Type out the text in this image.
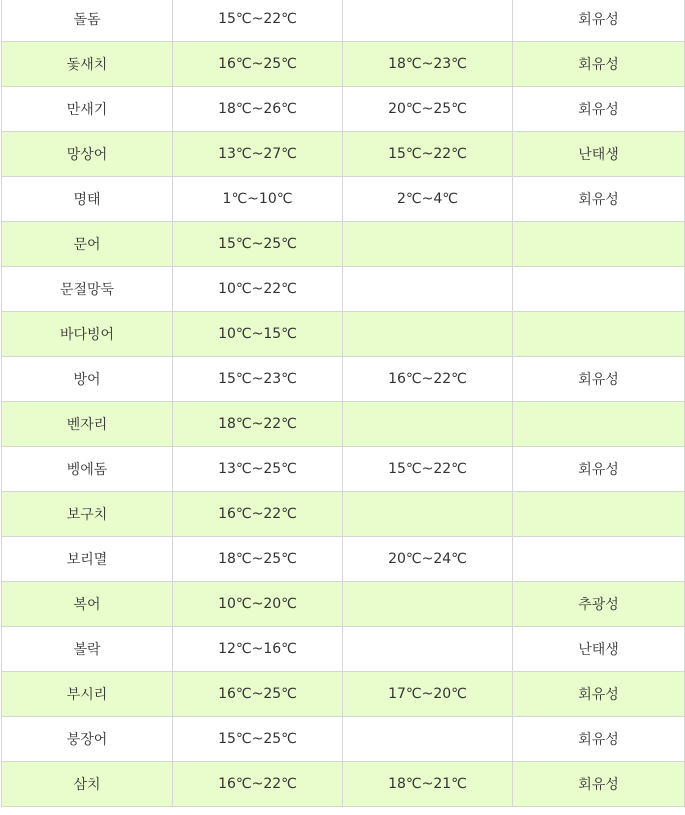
돌돔	15℃~22℃		회유성
돛새치	16℃~25℃	18℃~23℃	회유성
만새기	18℃~26℃	20℃~25℃	회유성
망상어	13℃~27℃	15℃~22℃	난태생
명태	1℃~10℃	2℃~4℃	회유성
문어	15℃~25℃		
문절망둑	10℃~22℃		
바다빙어	10℃~15℃		
방어	15℃~23℃	16℃~22℃	회유성
벤자리	18℃~22℃		
벵에돔	13℃~25℃	15℃~22℃	회유성
보구치	16℃~22℃		
보리멸	18℃~25℃	20℃~24℃	
복어	10℃~20℃		추광성
볼락	12℃~16℃		난태생
부시리	16℃~25℃	17℃~20℃	회유성
붕장어	15℃~25℃		회유성
삼치	16℃~22℃	18℃~21℃	회유성
